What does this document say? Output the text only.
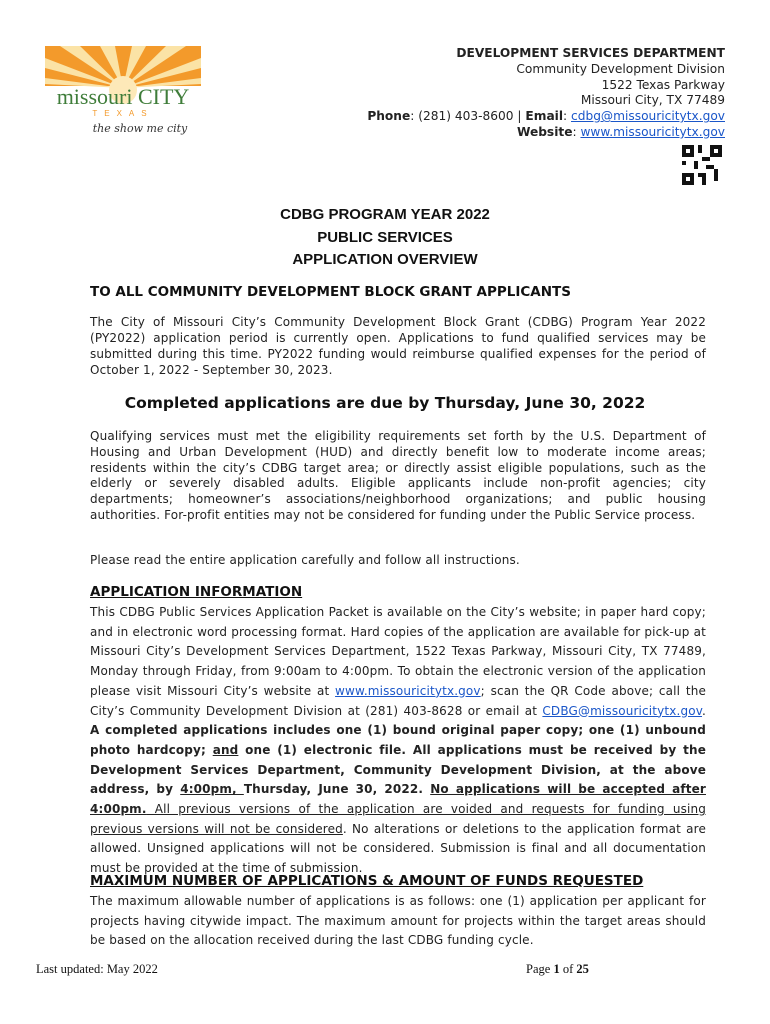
missouri CITY
TEXAS
the show me city
DEVELOPMENT SERVICES DEPARTMENT
Community Development Division
1522 Texas Parkway
Missouri City, TX 77489
Phone: (281) 403-8600 | Email: cdbg@missouricitytx.gov
Website: www.missouricitytx.gov
CDBG PROGRAM YEAR 2022
PUBLIC SERVICES
APPLICATION OVERVIEW
TO ALL COMMUNITY DEVELOPMENT BLOCK GRANT APPLICANTS

The City of Missouri City’s Community Development Block Grant (CDBG) Program Year 2022 (PY2022) application period is currently open. Applications to fund qualified services may be submitted during this time. PY2022 funding would reimburse qualified expenses for the period of October 1, 2022 - September 30, 2023.

Completed applications are due by Thursday, June 30, 2022

Qualifying services must met the eligibility requirements set forth by the U.S. Department of Housing and Urban Development (HUD) and directly benefit low to moderate income areas; residents within the city’s CDBG target area; or directly assist eligible populations, such as the elderly or severely disabled adults. Eligible applicants include non-profit agencies; city departments; homeowner’s associations/neighborhood organizations; and public housing authorities. For-profit entities may not be considered for funding under the Public Service process.

Please read the entire application carefully and follow all instructions.

APPLICATION INFORMATION

This CDBG Public Services Application Packet is available on the City’s website; in paper hard copy; and in electronic word processing format. Hard copies of the application are available for pick-up at Missouri City’s Development Services Department, 1522 Texas Parkway, Missouri City, TX 77489, Monday through Friday, from 9:00am to 4:00pm. To obtain the electronic version of the application please visit Missouri City’s website at www.missouricitytx.gov; scan the QR Code above; call the City’s Community Development Division at (281) 403-8628 or email at CDBG@missouricitytx.gov. A completed applications includes one (1) bound original paper copy; one (1) unbound photo hardcopy; and one (1) electronic file. All applications must be received by the Development Services Department, Community Development Division, at the above address, by 4:00pm, Thursday, June 30, 2022. No applications will be accepted after 4:00pm. All previous versions of the application are voided and requests for funding using previous versions will not be considered. No alterations or deletions to the application format are allowed. Unsigned applications will not be considered. Submission is final and all documentation must be provided at the time of submission.

MAXIMUM NUMBER OF APPLICATIONS & AMOUNT OF FUNDS REQUESTED

The maximum allowable number of applications is as follows: one (1) application per applicant for projects having citywide impact. The maximum amount for projects within the target areas should be based on the allocation received during the last CDBG funding cycle.

Last updated: May 2022	Page 1 of 25
